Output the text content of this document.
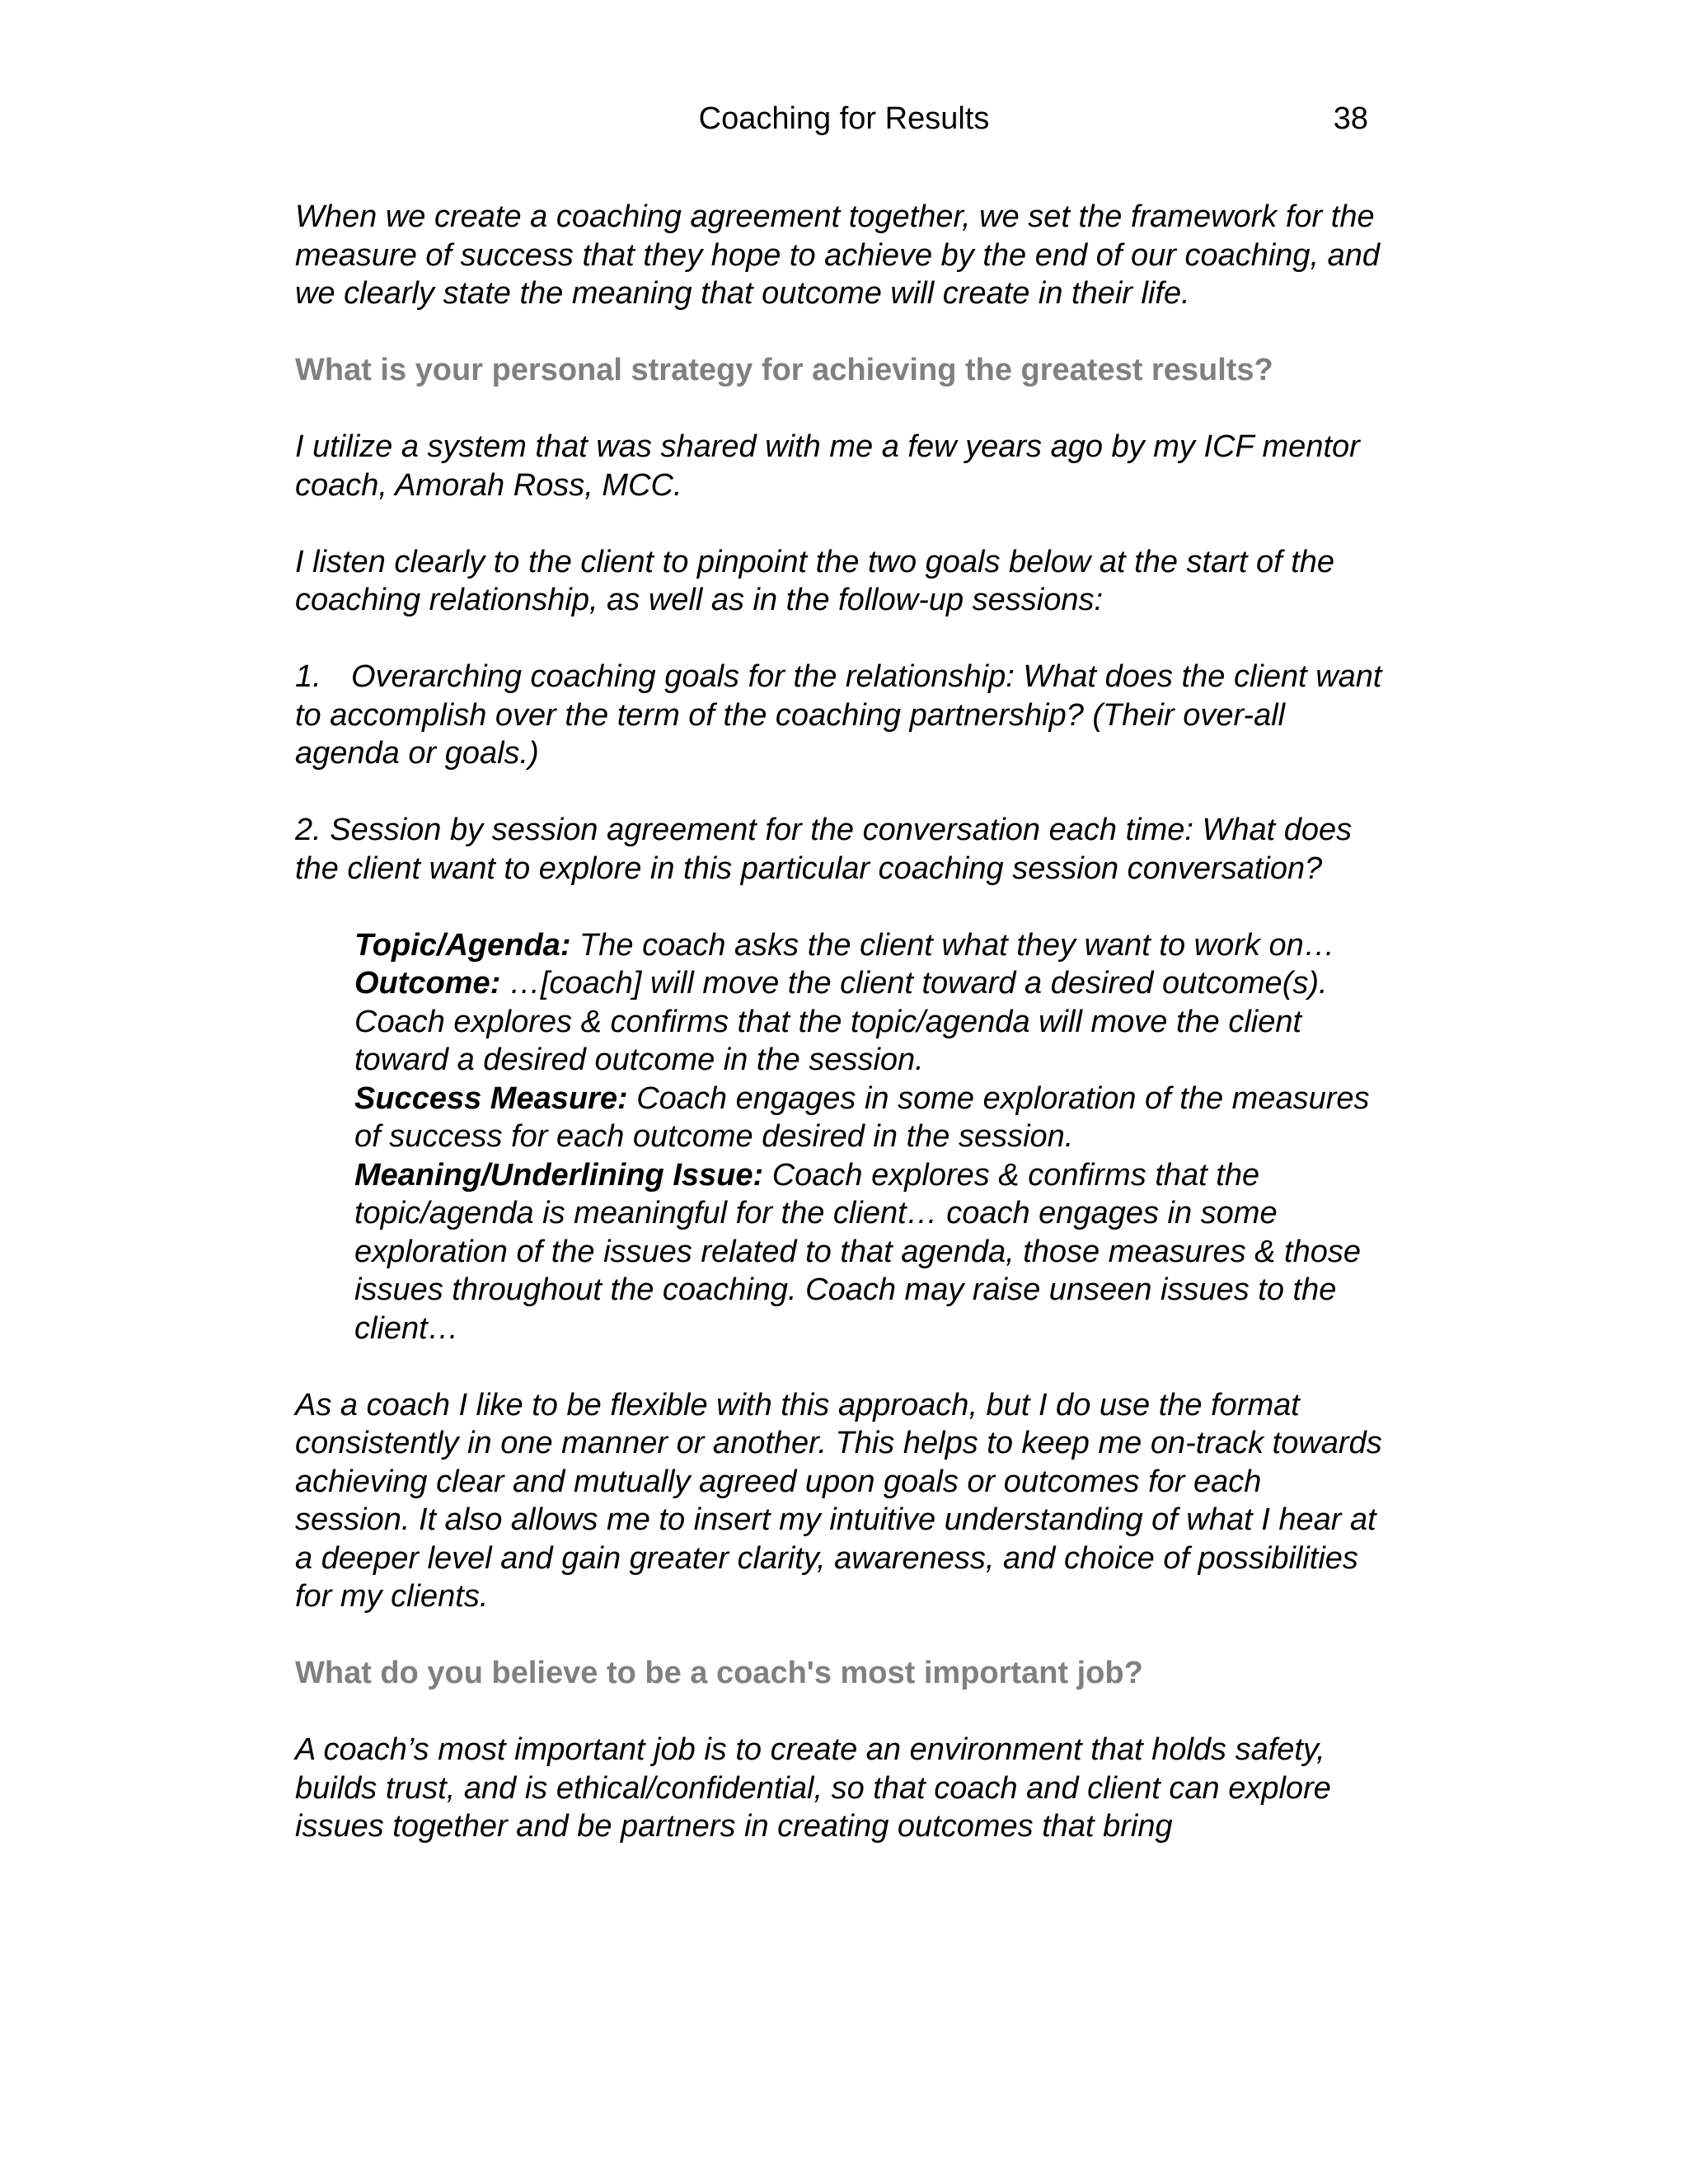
Coaching for Results	38

When we create a coaching agreement together, we set the framework for the measure of success that they hope to achieve by the end of our coaching, and we clearly state the meaning that outcome will create in their life.

What is your personal strategy for achieving the greatest results?

I utilize a system that was shared with me a few years ago by my ICF mentor coach, Amorah Ross, MCC.

I listen clearly to the client to pinpoint the two goals below at the start of the coaching relationship, as well as in the follow-up sessions:

1. Overarching coaching goals for the relationship: What does the client want to accomplish over the term of the coaching partnership? (Their over-all agenda or goals.)

2. Session by session agreement for the conversation each time: What does the client want to explore in this particular coaching session conversation?

Topic/Agenda: The coach asks the client what they want to work on…

Outcome: …[coach] will move the client toward a desired outcome(s). Coach explores & confirms that the topic/agenda will move the client toward a desired outcome in the session.

Success Measure: Coach engages in some exploration of the measures of success for each outcome desired in the session.

Meaning/Underlining Issue: Coach explores & confirms that the topic/agenda is meaningful for the client… coach engages in some exploration of the issues related to that agenda, those measures & those issues throughout the coaching. Coach may raise unseen issues to the client…

As a coach I like to be flexible with this approach, but I do use the format consistently in one manner or another. This helps to keep me on-track towards achieving clear and mutually agreed upon goals or outcomes for each session. It also allows me to insert my intuitive understanding of what I hear at a deeper level and gain greater clarity, awareness, and choice of possibilities for my clients.

What do you believe to be a coach's most important job?

A coach’s most important job is to create an environment that holds safety, builds trust, and is ethical/confidential, so that coach and client can explore issues together and be partners in creating outcomes that bring
